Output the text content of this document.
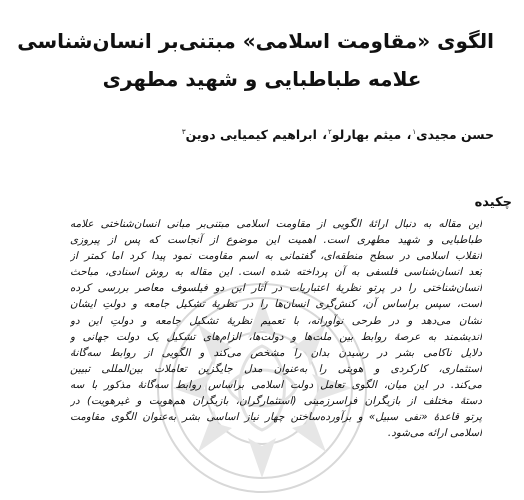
الگوی «مقاومت اسلامی» مبتنی‌بر انسان‌شناسی
علامه طباطبایی و شهید مطهری

حسن مجیدی$^۱$، میثم بهارلو$^۲$، ابراهیم کیمیایی دوین$^۳$

چکیده
این مقاله به دنبال ارائهٔ الگویی از مقاومت اسلامی مبتنی‌بر مبانی انسان‌شناختی علامه
طباطبایی و شهید مطهری است. اهمیت این موضوع از آنجاست که پس از پیروزی
انقلاب اسلامی در سطح منطقه‌ای، گفتمانی به اسم مقاومت نمود پیدا کرد اما کمتر از
بُعد انسان‌شناسی فلسفی به آن پرداخته شده است. این مقاله به روش اسنادی، مباحث
انسان‌شناختی را در پرتو نظریهٔ اعتباریات در آثار این دو فیلسوف معاصر بررسی کرده
است، سپس براساس آن، کنش‌گری انسان‌ها را در نظریهٔ تشکیل جامعه و دولتِ ایشان
نشان می‌دهد و در طرحی نوآورانه، با تعمیم نظریهٔ تشکیل جامعه و دولتِ این دو
اندیشمند به عرصهٔ روابط بین ملت‌ها و دولت‌ها، الزام‌های تشکیل یک دولت جهانی و
دلایل ناکامی بشر در رسیدن بدان را مشخص می‌کند و الگویی از روابط سه‌گانهٔ
استثماری، کارکردی و هویتی را به‌عنوان مدل جایگزین تعاملات بین‌المللی تبیین
می‌کند. در این میان، الگوی تعامل دولت اسلامی براساس روابط سه‌گانهٔ مذکور با سه
دستهٔ مختلف از بازیگران فراسرزمینی (استثمارگران، بازیگران هم‌هویت و غیرهویت) در
پرتو قاعدهٔ «نفی سبیل» و برآورده‌ساختن چهار نیاز اساسی بشر به‌عنوان الگوی مقاومت
اسلامی ارائه می‌شود.
